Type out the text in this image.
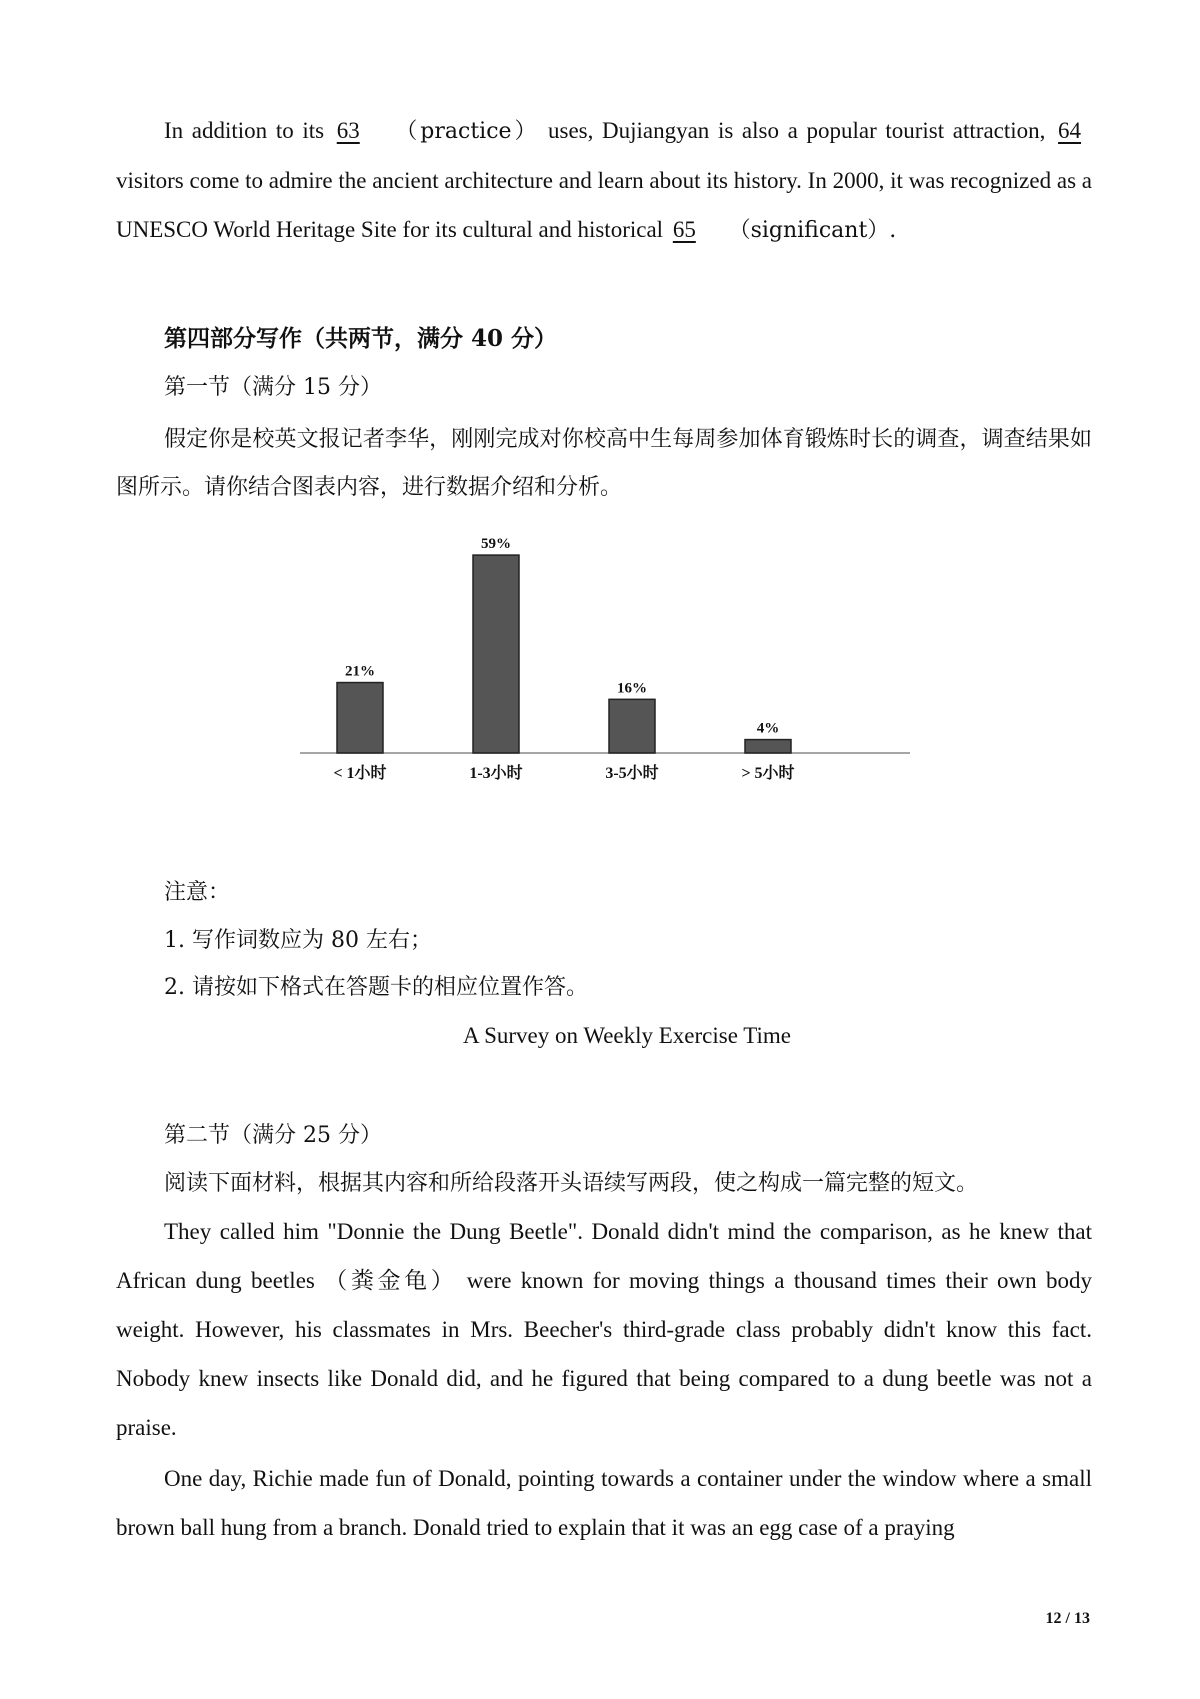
In addition to its 63 （practice） uses, Dujiangyan is also a popular tourist attraction, 64 visitors come to admire the ancient architecture and learn about its history. In 2000, it was recognized as a UNESCO World Heritage Site for its cultural and historical 65 （significant）.
第四部分写作（共两节，满分 40 分）
第一节（满分 15 分）
假定你是校英文报记者李华，刚刚完成对你校高中生每周参加体育锻炼时长的调查，调查结果如图所示。请你结合图表内容，进行数据介绍和分析。
21%
< 1小时
59%
1-3小时
16%
3-5小时
4%
> 5小时
注意：
1. 写作词数应为 80 左右；
2. 请按如下格式在答题卡的相应位置作答。
A Survey on Weekly Exercise Time
第二节（满分 25 分）
阅读下面材料，根据其内容和所给段落开头语续写两段，使之构成一篇完整的短文。
They called him "Donnie the Dung Beetle". Donald didn't mind the comparison, as he knew that African dung beetles （粪金龟） were known for moving things a thousand times their own body weight. However, his classmates in Mrs. Beecher's third-grade class probably didn't know this fact. Nobody knew insects like Donald did, and he figured that being compared to a dung beetle was not a praise.
One day, Richie made fun of Donald, pointing towards a container under the window where a small brown ball hung from a branch. Donald tried to explain that it was an egg case of a praying
12 / 13
